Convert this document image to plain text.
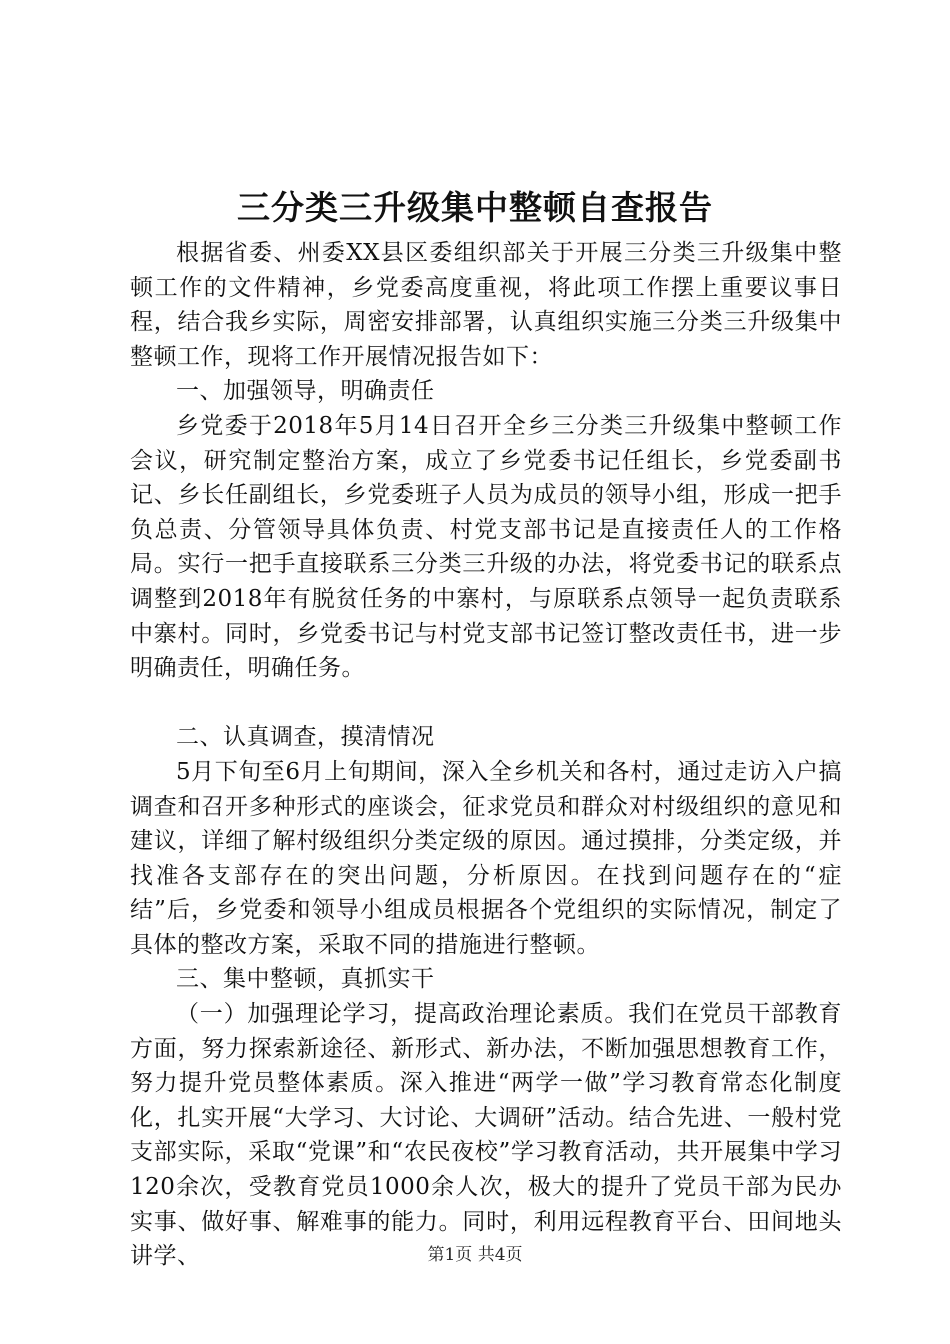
三分类三升级集中整顿自查报告

根据省委、州委XX县区委组织部关于开展三分类三升级集中整顿工作的文件精神，乡党委高度重视，将此项工作摆上重要议事日程，结合我乡实际，周密安排部署，认真组织实施三分类三升级集中整顿工作，现将工作开展情况报告如下：

一、加强领导，明确责任

乡党委于2018年5月14日召开全乡三分类三升级集中整顿工作会议，研究制定整治方案，成立了乡党委书记任组长，乡党委副书记、乡长任副组长，乡党委班子人员为成员的领导小组，形成一把手负总责、分管领导具体负责、村党支部书记是直接责任人的工作格局。实行一把手直接联系三分类三升级的办法，将党委书记的联系点调整到2018年有脱贫任务的中寨村，与原联系点领导一起负责联系中寨村。同时，乡党委书记与村党支部书记签订整改责任书，进一步明确责任，明确任务。

二、认真调查，摸清情况

5月下旬至6月上旬期间，深入全乡机关和各村，通过走访入户搞调查和召开多种形式的座谈会，征求党员和群众对村级组织的意见和建议，详细了解村级组织分类定级的原因。通过摸排，分类定级，并找准各支部存在的突出问题，分析原因。在找到问题存在的“症结”后，乡党委和领导小组成员根据各个党组织的实际情况，制定了具体的整改方案，采取不同的措施进行整顿。

三、集中整顿，真抓实干

（一）加强理论学习，提高政治理论素质。我们在党员干部教育方面，努力探索新途径、新形式、新办法，不断加强思想教育工作，努力提升党员整体素质。深入推进“两学一做”学习教育常态化制度化，扎实开展“大学习、大讨论、大调研”活动。结合先进、一般村党支部实际，采取“党课”和“农民夜校”学习教育活动，共开展集中学习120余次，受教育党员1000余人次，极大的提升了党员干部为民办实事、做好事、解难事的能力。同时，利用远程教育平台、田间地头讲学、	第1页 共4页
